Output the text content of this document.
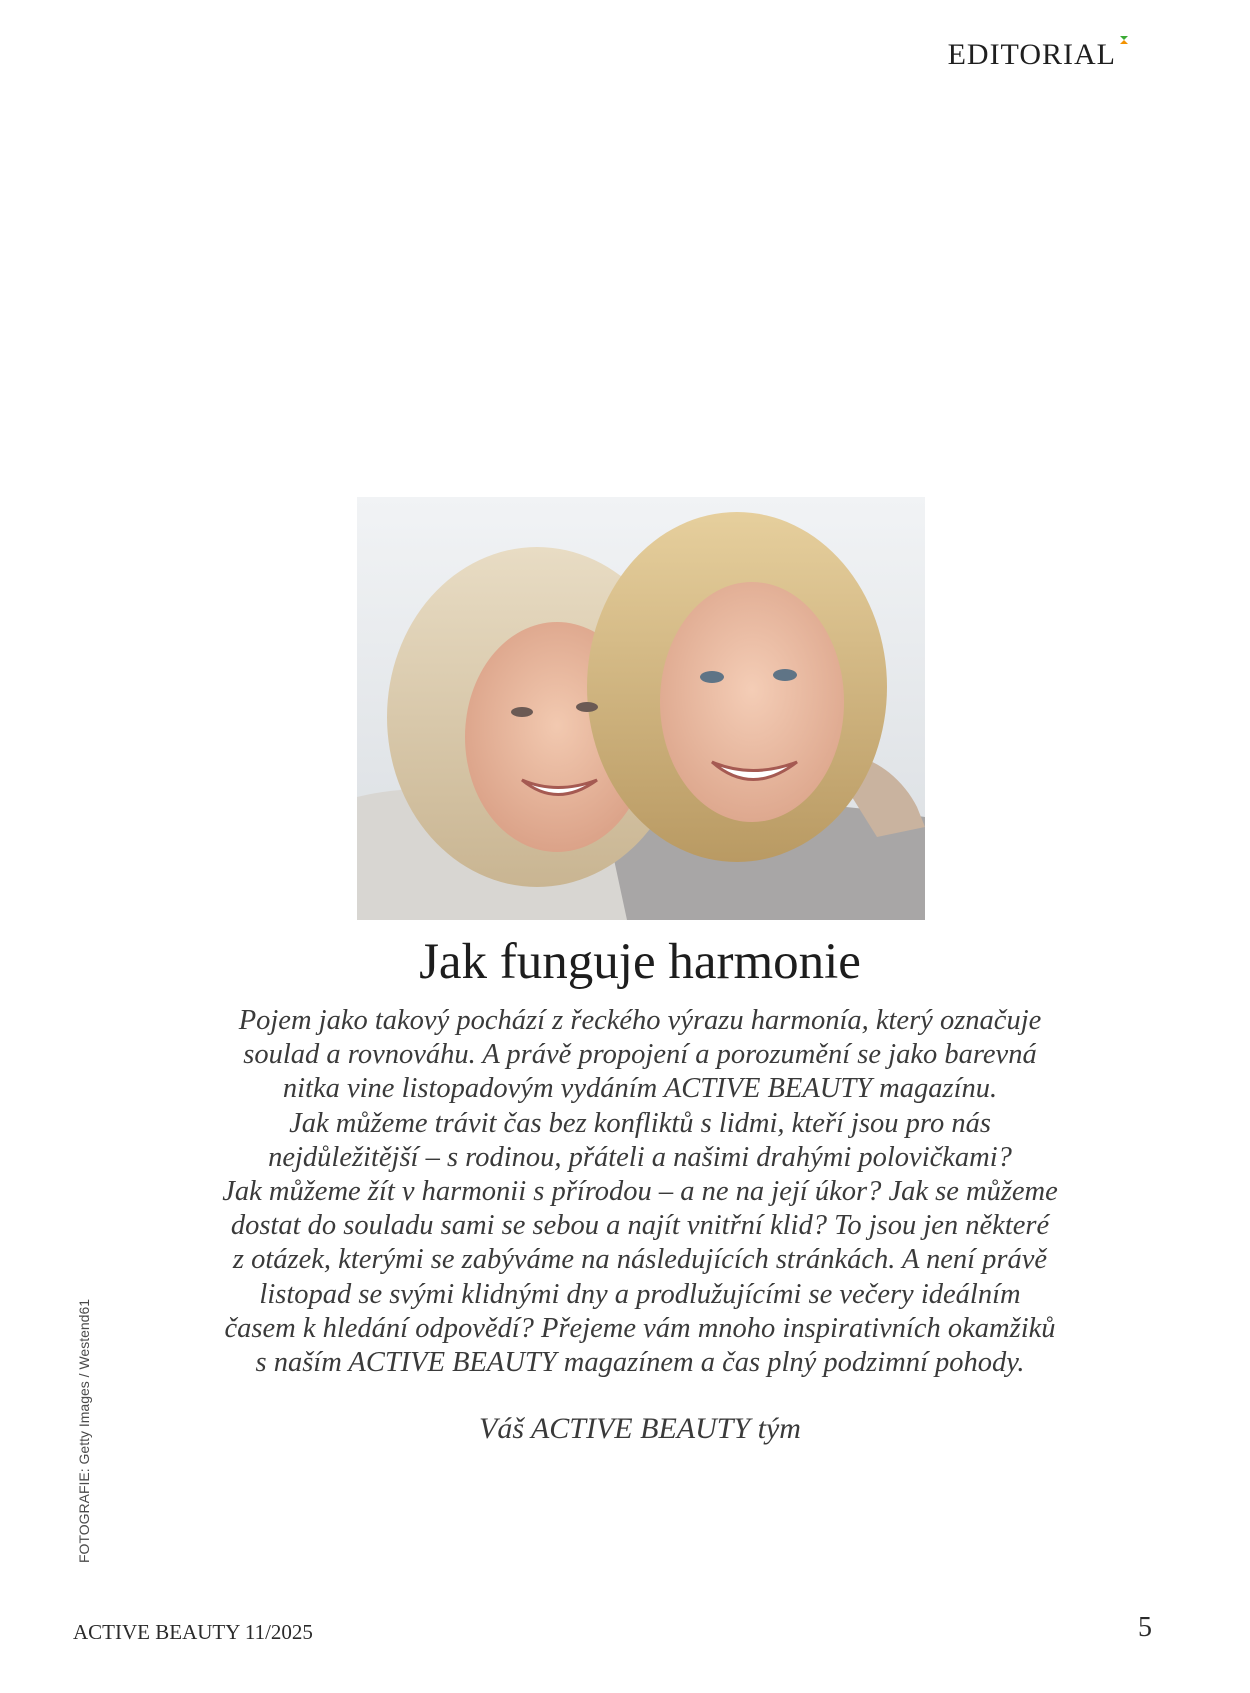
EDITORIAL
Jak funguje harmonie
Pojem jako takový pochází z řeckého výrazu harmonía, který označuje
soulad a rovnováhu. A právě propojení a porozumění se jako barevná
nitka vine listopadovým vydáním ACTIVE BEAUTY magazínu.
Jak můžeme trávit čas bez konfliktů s lidmi, kteří jsou pro nás
nejdůležitější – s rodinou, přáteli a našimi drahými polovičkami?
Jak můžeme žít v harmonii s přírodou – a ne na její úkor? Jak se můžeme
dostat do souladu sami se sebou a najít vnitřní klid? To jsou jen některé
z otázek, kterými se zabýváme na následujících stránkách. A není právě
listopad se svými klidnými dny a prodlužujícími se večery ideálním
časem k hledání odpovědí? Přejeme vám mnoho inspirativních okamžiků
s naším ACTIVE BEAUTY magazínem a čas plný podzimní pohody.
Váš ACTIVE BEAUTY tým
FOTOGRAFIE: Getty Images / Westend61
ACTIVE BEAUTY 11/2025	5
